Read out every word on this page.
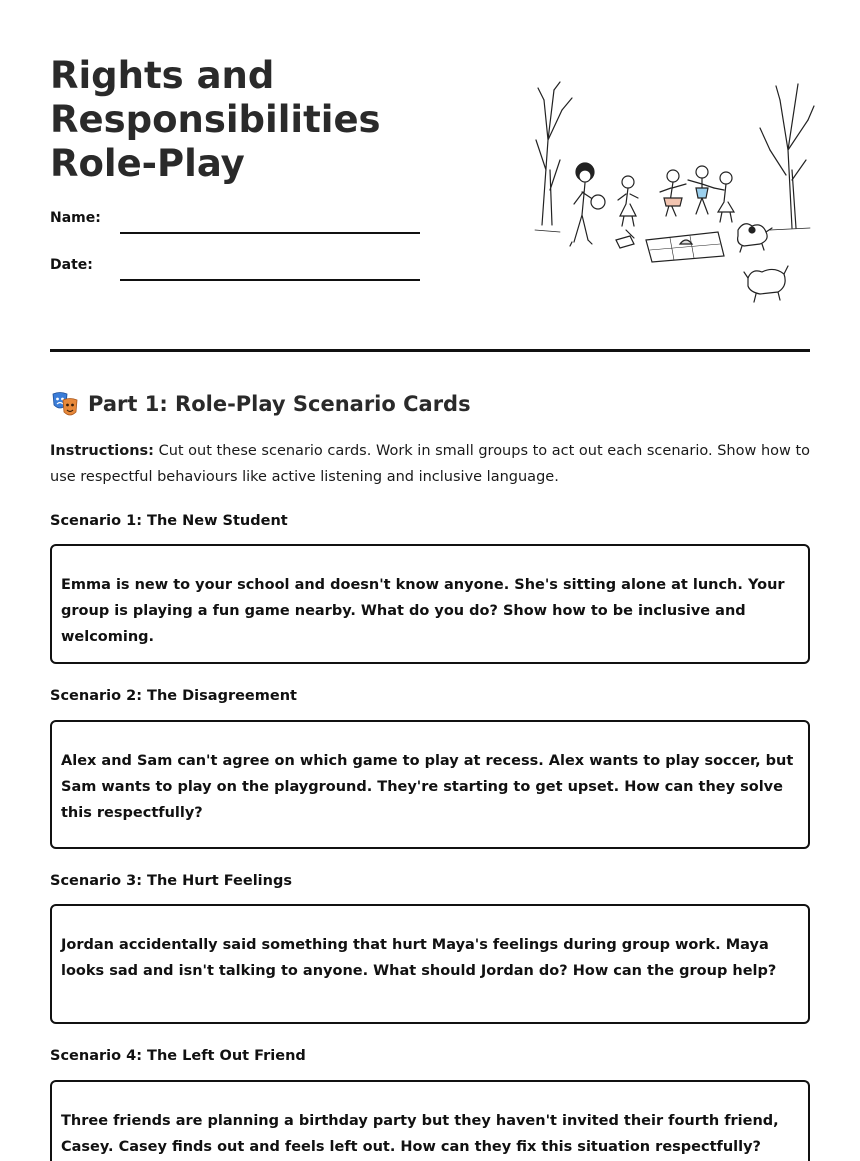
Rights and Responsibilities Role-Play
Name:
Date:
Part 1: Role-Play Scenario Cards

Instructions: Cut out these scenario cards. Work in small groups to act out each scenario. Show how to use respectful behaviours like active listening and inclusive language.

Scenario 1: The New Student
Emma is new to your school and doesn't know anyone. She's sitting alone at lunch. Your group is playing a fun game nearby. What do you do? Show how to be inclusive and welcoming.
Scenario 2: The Disagreement
Alex and Sam can't agree on which game to play at recess. Alex wants to play soccer, but Sam wants to play on the playground. They're starting to get upset. How can they solve this respectfully?
Scenario 3: The Hurt Feelings
Jordan accidentally said something that hurt Maya's feelings during group work. Maya looks sad and isn't talking to anyone. What should Jordan do? How can the group help?
Scenario 4: The Left Out Friend
Three friends are planning a birthday party but they haven't invited their fourth friend, Casey. Casey finds out and feels left out. How can they fix this situation respectfully?
